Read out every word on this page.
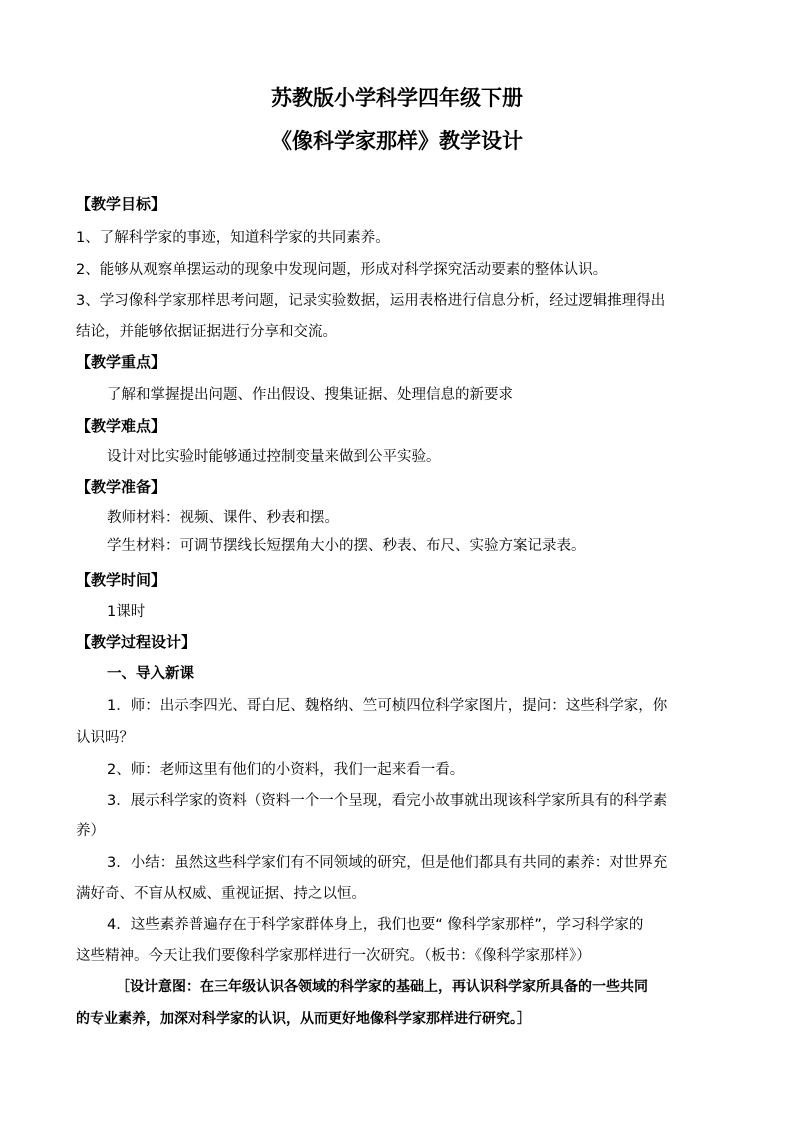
苏教版小学科学四年级下册
《像科学家那样》教学设计
【教学目标】
1、了解科学家的事迹，知道科学家的共同素养。
2、能够从观察单摆运动的现象中发现问题，形成对科学探究活动要素的整体认识。
3、学习像科学家那样思考问题，记录实验数据，运用表格进行信息分析，经过逻辑推理得出
结论，并能够依据证据进行分享和交流。
【教学重点】
了解和掌握提出问题、作出假设、搜集证据、处理信息的新要求
【教学难点】
设计对比实验时能够通过控制变量来做到公平实验。
【教学准备】
教师材料：视频、课件、秒表和摆。
学生材料：可调节摆线长短摆角大小的摆、秒表、布尺、实验方案记录表。
【教学时间】
1课时
【教学过程设计】
一、导入新课
1．师：出示李四光、哥白尼、魏格纳、竺可桢四位科学家图片，提问：这些科学家，你
认识吗？
2、师：老师这里有他们的小资料，我们一起来看一看。
3．展示科学家的资料（资料一个一个呈现，看完小故事就出现该科学家所具有的科学素
养）
3．小结：虽然这些科学家们有不同领域的研究，但是他们都具有共同的素养：对世界充
满好奇、不盲从权威、重视证据、持之以恒。
4．这些素养普遍存在于科学家群体身上，我们也要“ 像科学家那样”，学习科学家的
这些精神。今天让我们要像科学家那样进行一次研究。（板书：《像科学家那样》）
［设计意图：在三年级认识各领域的科学家的基础上，再认识科学家所具备的一些共同
的专业素养，加深对科学家的认识，从而更好地像科学家那样进行研究。］
